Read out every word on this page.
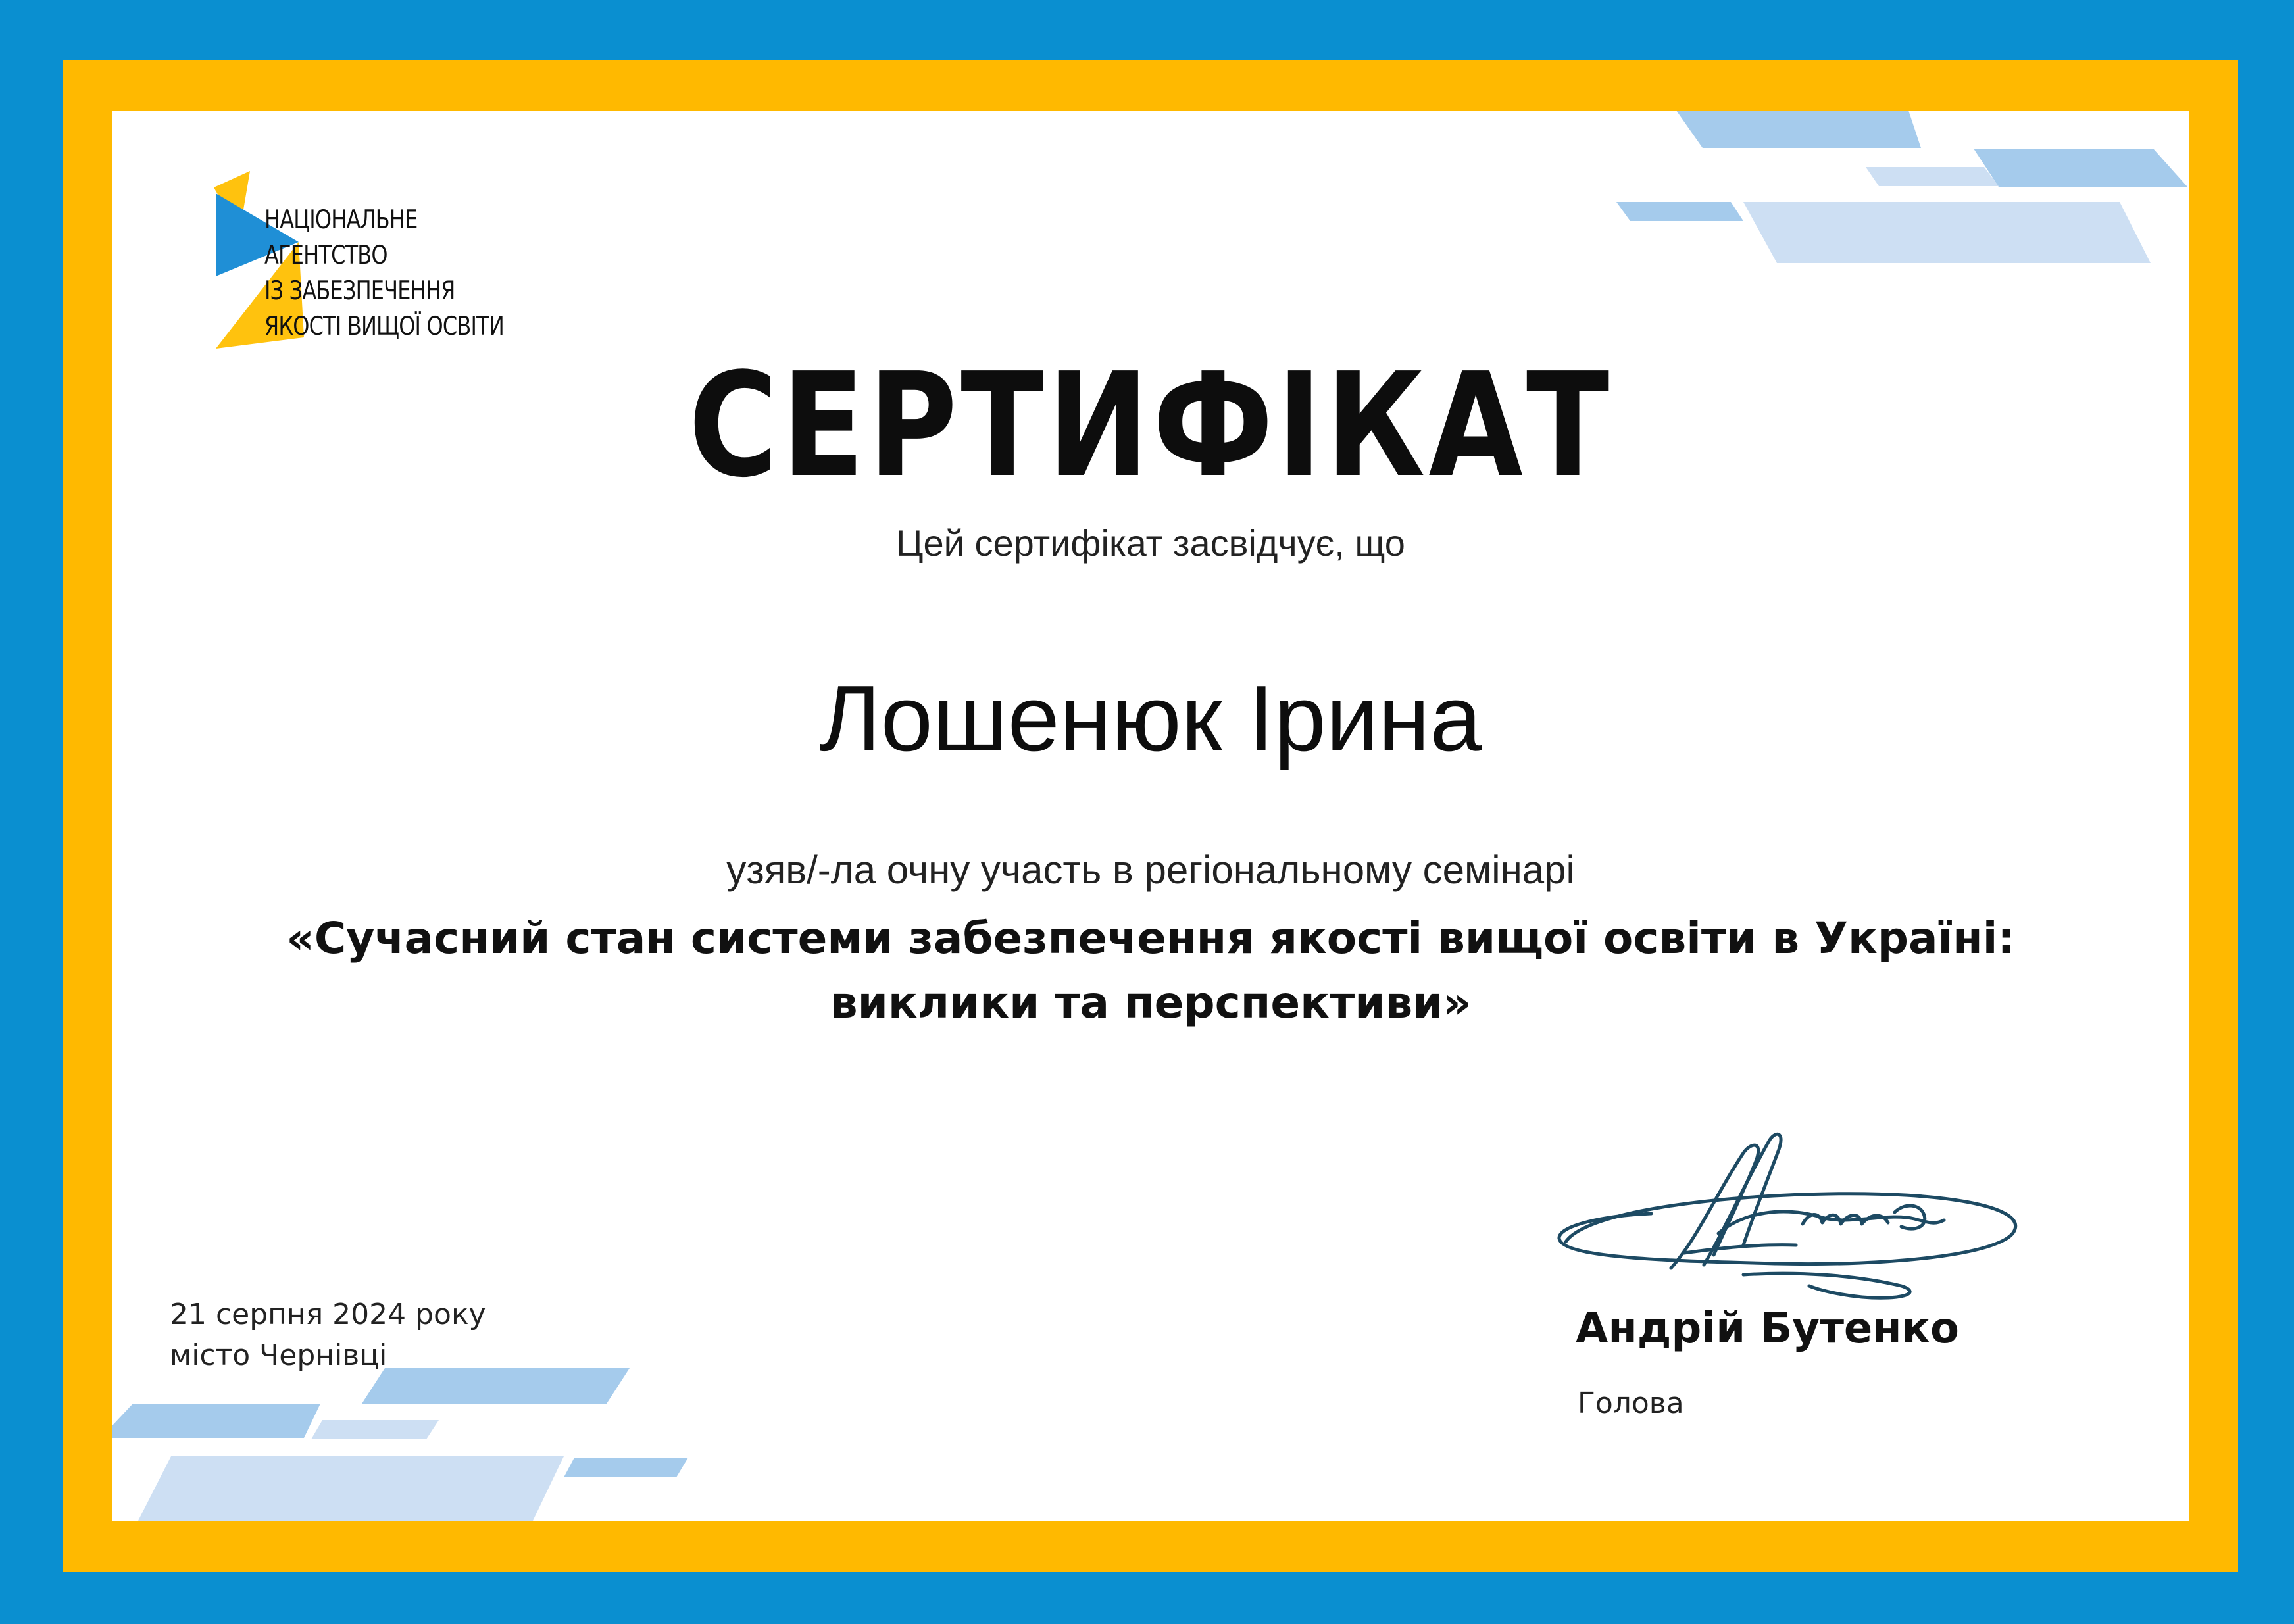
НАЦІОНАЛЬНЕ
АГЕНТСТВО
ІЗ ЗАБЕЗПЕЧЕННЯ
ЯКОСТІ ВИЩОЇ ОСВІТИ
СЕРТИФІКАТ
Цей сертифікат засвідчує, що
Лошенюк Ірина
узяв/-ла очну участь в регіональному семінарі
«Сучасний стан системи забезпечення якості вищої освіти в Україні:
виклики та перспективи»
21 серпня 2024 року
місто Чернівці
Андрій Бутенко
Голова
